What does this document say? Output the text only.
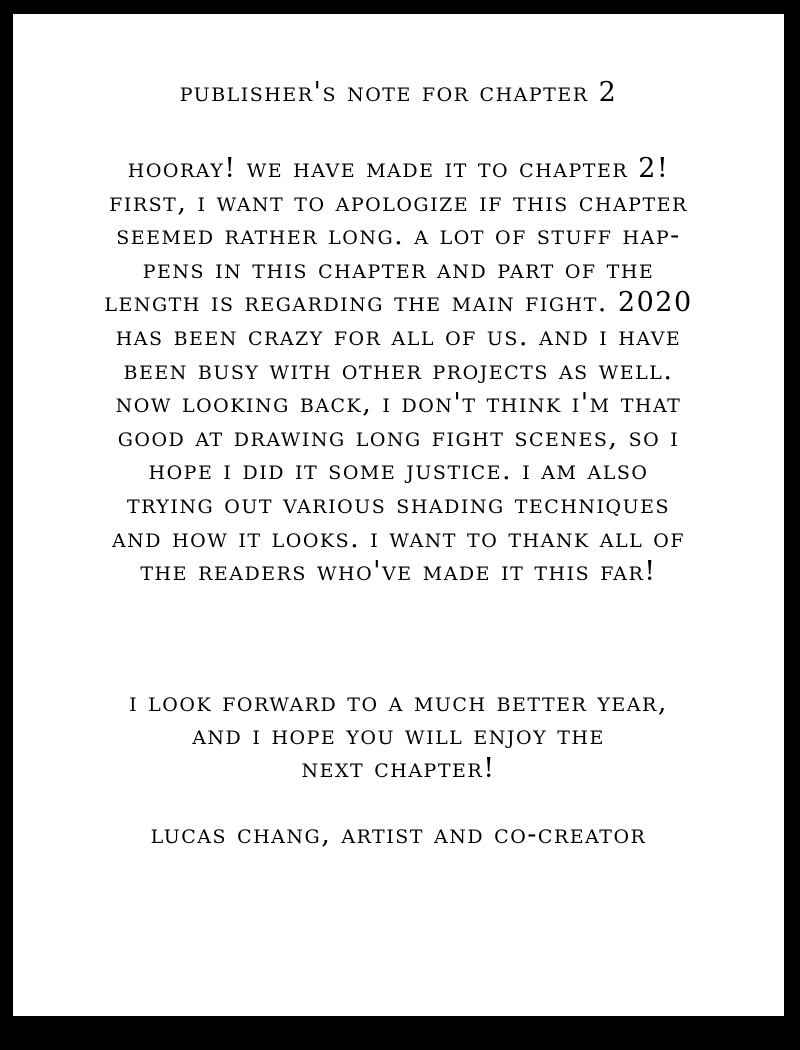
publisher's note for chapter 2
hooray! we have made it to chapter 2!
first, i want to apologize if this chapter
seemed rather long. a lot of stuff hap-
pens in this chapter and part of the
length is regarding the main fight. 2020
has been crazy for all of us. and i have
been busy with other projects as well.
now looking back, i don't think i'm that
good at drawing long fight scenes, so i
hope i did it some justice. i am also
trying out various shading techniques
and how it looks. i want to thank all of
the readers who've made it this far!
i look forward to a much better year,
and i hope you will enjoy the
next chapter!
lucas chang, artist and co-creator
